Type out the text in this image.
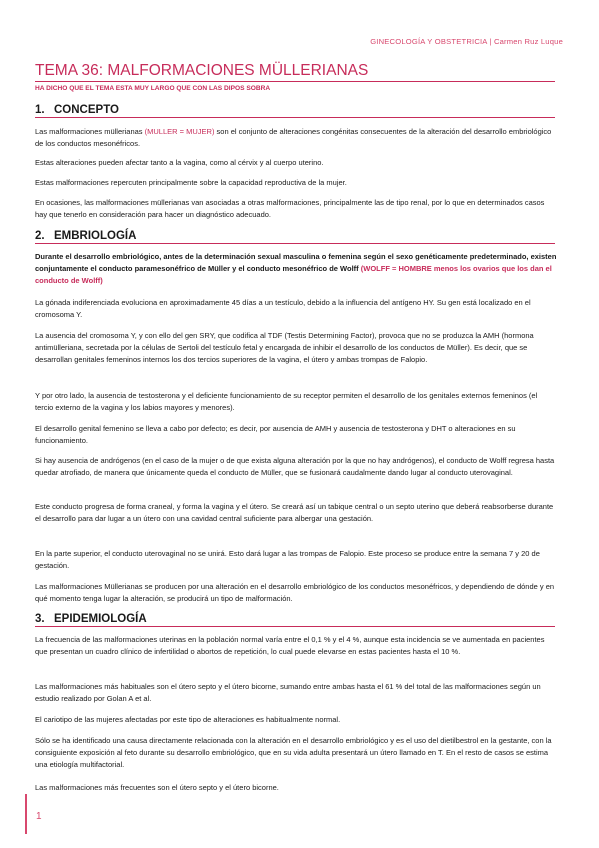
GINECOLOGÍA Y OBSTETRICIA | Carmen Ruz Luque
TEMA 36: MALFORMACIONES MÜLLERIANAS
HA DICHO QUE EL TEMA ESTA MUY LARGO QUE CON LAS DIPOS SOBRA
1. CONCEPTO
Las malformaciones müllerianas (MULLER = MUJER) son el conjunto de alteraciones congénitas consecuentes de la alteración del desarrollo embriológico de los conductos mesonéfricos.
Estas alteraciones pueden afectar tanto a la vagina, como al cérvix y al cuerpo uterino.
Estas malformaciones repercuten principalmente sobre la capacidad reproductiva de la mujer.
En ocasiones, las malformaciones müllerianas van asociadas a otras malformaciones, principalmente las de tipo renal, por lo que en determinados casos hay que tenerlo en consideración para hacer un diagnóstico adecuado.
2. EMBRIOLOGÍA
Durante el desarrollo embriológico, antes de la determinación sexual masculina o femenina según el sexo genéticamente predeterminado, existen conjuntamente el conducto paramesonéfrico de Müller y el conducto mesonéfrico de Wolff (WOLFF = HOMBRE menos los ovarios que los dan el conducto de Wolff)
La gónada indiferenciada evoluciona en aproximadamente 45 días a un testículo, debido a la influencia del antígeno HY. Su gen está localizado en el cromosoma Y.
La ausencia del cromosoma Y, y con ello del gen SRY, que codifica al TDF (Testis Determining Factor), provoca que no se produzca la AMH (hormona antimülleriana, secretada por la células de Sertoli del testículo fetal y encargada de inhibir el desarrollo de los conductos de Müller). Es decir, que se desarrollan genitales femeninos internos los dos tercios superiores de la vagina, el útero y ambas trompas de Falopio.
Y por otro lado, la ausencia de testosterona y el deficiente funcionamiento de su receptor permiten el desarrollo de los genitales externos femeninos (el tercio externo de la vagina y los labios mayores y menores).
El desarrollo genital femenino se lleva a cabo por defecto; es decir, por ausencia de AMH y ausencia de testosterona y DHT o alteraciones en su funcionamiento.
Si hay ausencia de andrógenos (en el caso de la mujer o de que exista alguna alteración por la que no hay andrógenos), el conducto de Wolff regresa hasta quedar atrofiado, de manera que únicamente queda el conducto de Müller, que se fusionará caudalmente dando lugar al conducto uterovaginal.
Este conducto progresa de forma craneal, y forma la vagina y el útero. Se creará así un tabique central o un septo uterino que deberá reabsorberse durante el desarrollo para dar lugar a un útero con una cavidad central suficiente para albergar una gestación.
En la parte superior, el conducto uterovaginal no se unirá. Esto dará lugar a las trompas de Falopio. Este proceso se produce entre la semana 7 y 20 de gestación.
Las malformaciones Müllerianas se producen por una alteración en el desarrollo embriológico de los conductos mesonéfricos, y dependiendo de dónde y en qué momento tenga lugar la alteración, se producirá un tipo de malformación.
3. EPIDEMIOLOGÍA
La frecuencia de las malformaciones uterinas en la población normal varía entre el 0,1 % y el 4 %, aunque esta incidencia se ve aumentada en pacientes que presentan un cuadro clínico de infertilidad o abortos de repetición, lo cual puede elevarse en estas pacientes hasta el 10 %.
Las malformaciones más habituales son el útero septo y el útero bicorne, sumando entre ambas hasta el 61 % del total de las malformaciones según un estudio realizado por Golan A et al.
El cariotipo de las mujeres afectadas por este tipo de alteraciones es habitualmente normal.
Sólo se ha identificado una causa directamente relacionada con la alteración en el desarrollo embriológico y es el uso del dietilbestrol en la gestante, con la consiguiente exposición al feto durante su desarrollo embriológico, que en su vida adulta presentará un útero llamado en T. En el resto de casos se estima una etiología multifactorial.
Las malformaciones más frecuentes son el útero septo y el útero bicorne.
1
